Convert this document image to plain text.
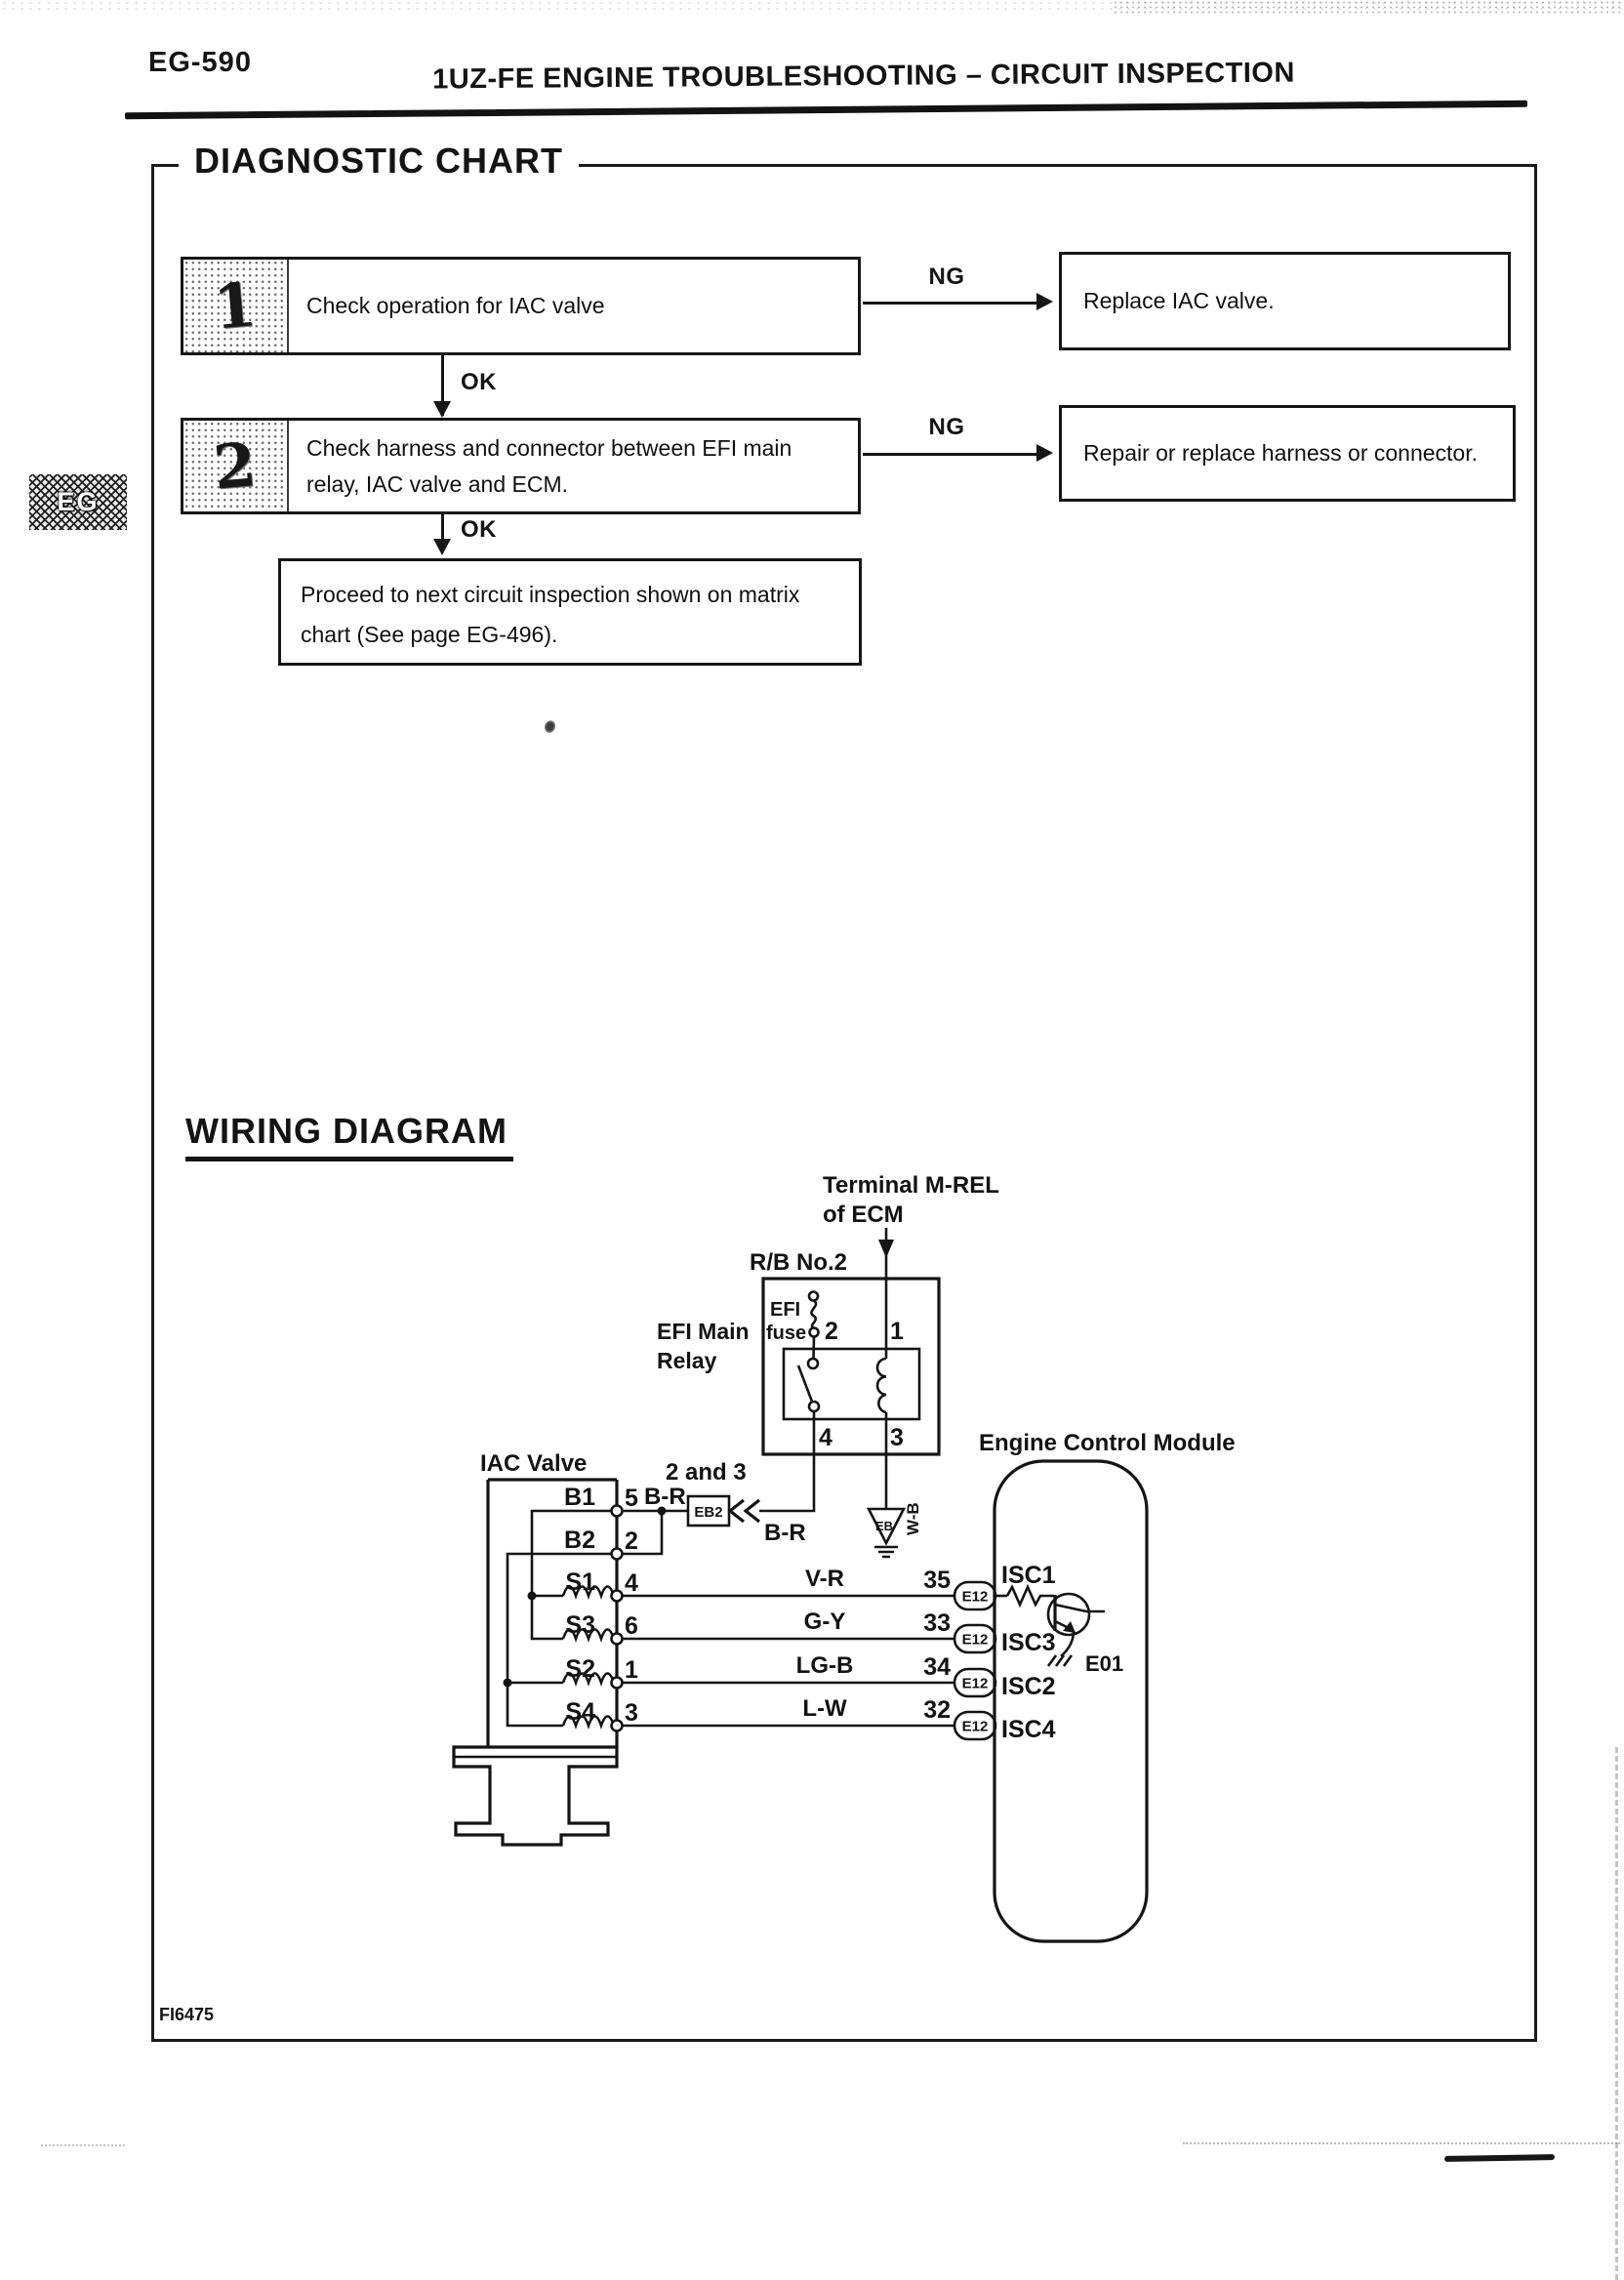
EG-590	1UZ-FE ENGINE TROUBLESHOOTING – CIRCUIT INSPECTION
DIAGNOSTIC CHART
EG
1	Check operation for IAC valve
NG
Replace IAC valve.
OK
2	Check harness and connector between EFI main
relay, IAC valve and ECM.
NG
Repair or replace harness or connector.
OK
Proceed to next circuit inspection shown on matrix
chart (See page EG-496).
WIRING DIAGRAM
Terminal M-REL
of ECM
R/B No.2
EFI Main
Relay
EFI
fuse 2 1
4 3
W-B
EB
EB2
2 and 3
B-R
B-R
IAC Valve
B1 5
B2 2
S1 4
S3 6
S2 1
S4 3
E12
E12
E12
E12
V-R
G-Y
LG-B
L-W
35
33
34
32
Engine Control Module
ISC1
ISC3
ISC2
ISC4
E01
FI6475
